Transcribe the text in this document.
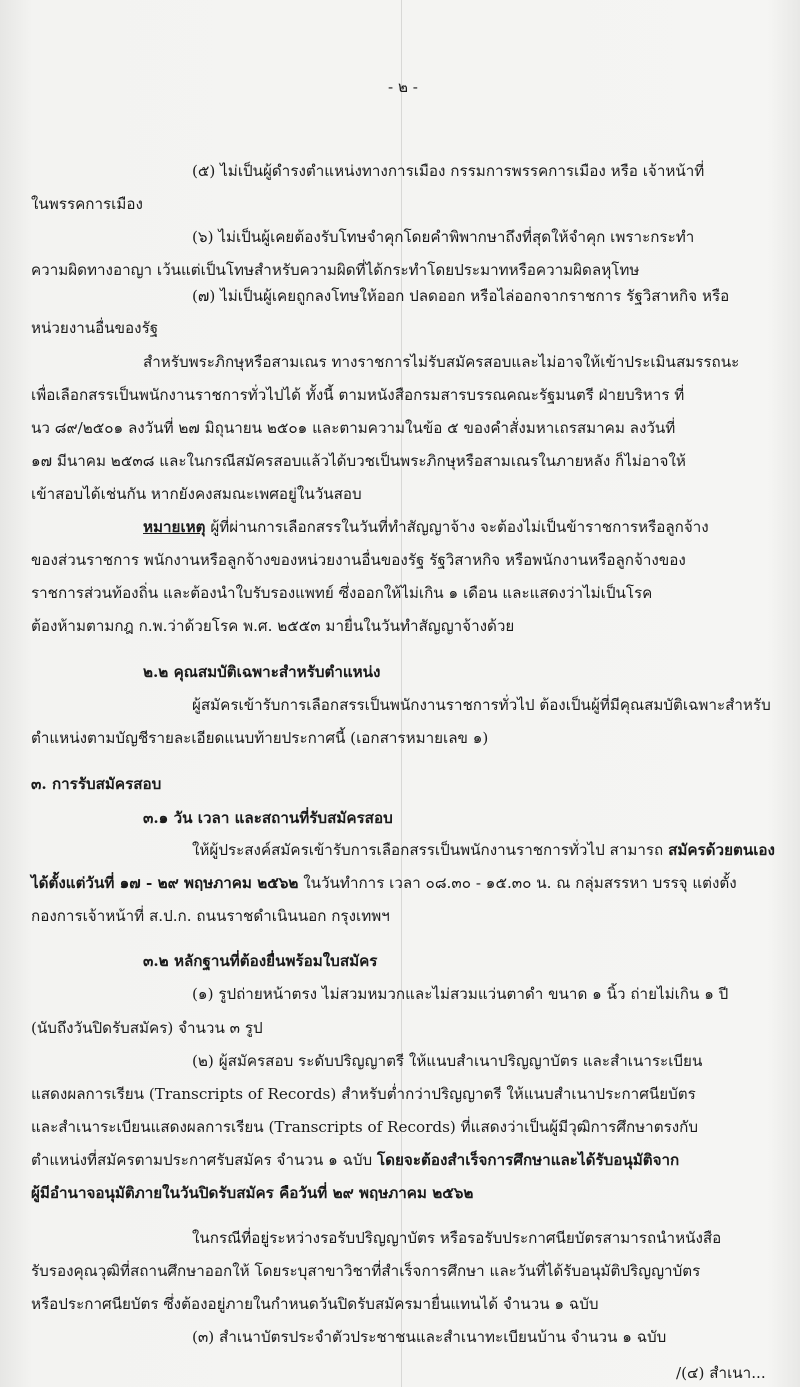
- ๒ -
(๕) ไม่เป็นผู้ดำรงตำแหน่งทางการเมือง กรรมการพรรคการเมือง หรือ เจ้าหน้าที่
ในพรรคการเมือง
(๖) ไม่เป็นผู้เคยต้องรับโทษจำคุกโดยคำพิพากษาถึงที่สุดให้จำคุก เพราะกระทำ
ความผิดทางอาญา เว้นแต่เป็นโทษสำหรับความผิดที่ได้กระทำโดยประมาทหรือความผิดลหุโทษ
(๗) ไม่เป็นผู้เคยถูกลงโทษให้ออก ปลดออก หรือไล่ออกจากราชการ รัฐวิสาหกิจ หรือ
หน่วยงานอื่นของรัฐ
สำหรับพระภิกษุหรือสามเณร ทางราชการไม่รับสมัครสอบและไม่อาจให้เข้าประเมินสมรรถนะ
เพื่อเลือกสรรเป็นพนักงานราชการทั่วไปได้ ทั้งนี้ ตามหนังสือกรมสารบรรณคณะรัฐมนตรี ฝ่ายบริหาร ที่
นว ๘๙/๒๕๐๑ ลงวันที่ ๒๗ มิถุนายน ๒๕๐๑ และตามความในข้อ ๕ ของคำสั่งมหาเถรสมาคม ลงวันที่
๑๗ มีนาคม ๒๕๓๘ และในกรณีสมัครสอบแล้วได้บวชเป็นพระภิกษุหรือสามเณรในภายหลัง ก็ไม่อาจให้
เข้าสอบได้เช่นกัน หากยังคงสมณะเพศอยู่ในวันสอบ
หมายเหตุ ผู้ที่ผ่านการเลือกสรรในวันที่ทำสัญญาจ้าง จะต้องไม่เป็นข้าราชการหรือลูกจ้าง
ของส่วนราชการ พนักงานหรือลูกจ้างของหน่วยงานอื่นของรัฐ รัฐวิสาหกิจ หรือพนักงานหรือลูกจ้างของ
ราชการส่วนท้องถิ่น และต้องนำใบรับรองแพทย์ ซึ่งออกให้ไม่เกิน ๑ เดือน และแสดงว่าไม่เป็นโรค
ต้องห้ามตามกฎ ก.พ.ว่าด้วยโรค พ.ศ. ๒๕๕๓ มายื่นในวันทำสัญญาจ้างด้วย
๒.๒ คุณสมบัติเฉพาะสำหรับตำแหน่ง
ผู้สมัครเข้ารับการเลือกสรรเป็นพนักงานราชการทั่วไป ต้องเป็นผู้ที่มีคุณสมบัติเฉพาะสำหรับ
ตำแหน่งตามบัญชีรายละเอียดแนบท้ายประกาศนี้ (เอกสารหมายเลข ๑)
๓. การรับสมัครสอบ
๓.๑ วัน เวลา และสถานที่รับสมัครสอบ
ให้ผู้ประสงค์สมัครเข้ารับการเลือกสรรเป็นพนักงานราชการทั่วไป สามารถ สมัครด้วยตนเอง
ได้ตั้งแต่วันที่ ๑๗ - ๒๙ พฤษภาคม ๒๕๖๒ ในวันทำการ เวลา ๐๘.๓๐ - ๑๕.๓๐ น. ณ กลุ่มสรรหา บรรจุ แต่งตั้ง
กองการเจ้าหน้าที่ ส.ป.ก. ถนนราชดำเนินนอก กรุงเทพฯ
๓.๒ หลักฐานที่ต้องยื่นพร้อมใบสมัคร
(๑) รูปถ่ายหน้าตรง ไม่สวมหมวกและไม่สวมแว่นตาดำ ขนาด ๑ นิ้ว ถ่ายไม่เกิน ๑ ปี
(นับถึงวันปิดรับสมัคร) จำนวน ๓ รูป
(๒) ผู้สมัครสอบ ระดับปริญญาตรี ให้แนบสำเนาปริญญาบัตร และสำเนาระเบียน
แสดงผลการเรียน (Transcripts of Records) สำหรับต่ำกว่าปริญญาตรี ให้แนบสำเนาประกาศนียบัตร
และสำเนาระเบียนแสดงผลการเรียน (Transcripts of Records) ที่แสดงว่าเป็นผู้มีวุฒิการศึกษาตรงกับ
ตำแหน่งที่สมัครตามประกาศรับสมัคร จำนวน ๑ ฉบับ โดยจะต้องสำเร็จการศึกษาและได้รับอนุมัติจาก
ผู้มีอำนาจอนุมัติภายในวันปิดรับสมัคร คือวันที่ ๒๙ พฤษภาคม ๒๕๖๒
ในกรณีที่อยู่ระหว่างรอรับปริญญาบัตร หรือรอรับประกาศนียบัตรสามารถนำหนังสือ
รับรองคุณวุฒิที่สถานศึกษาออกให้ โดยระบุสาขาวิชาที่สำเร็จการศึกษา และวันที่ได้รับอนุมัติปริญญาบัตร
หรือประกาศนียบัตร ซึ่งต้องอยู่ภายในกำหนดวันปิดรับสมัครมายื่นแทนได้ จำนวน ๑ ฉบับ
(๓) สำเนาบัตรประจำตัวประชาชนและสำเนาทะเบียนบ้าน จำนวน ๑ ฉบับ
/(๔) สำเนา...
